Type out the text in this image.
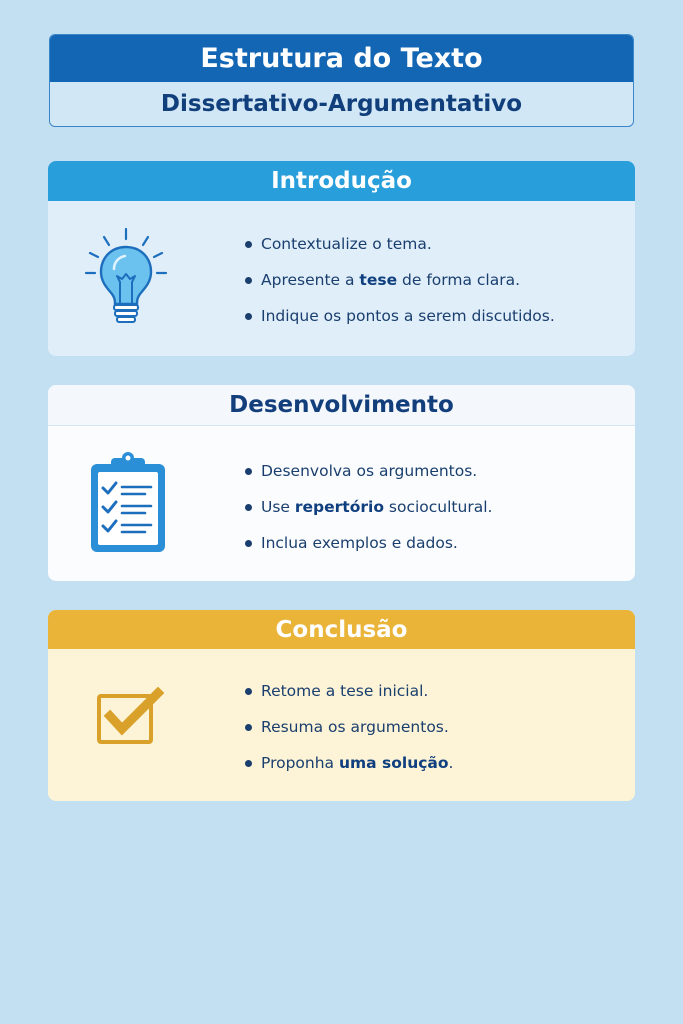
Estrutura do Texto
Dissertativo-Argumentativo
Introdução
Contextualize o tema.
Apresente a tese de forma clara.
Indique os pontos a serem discutidos.
Desenvolvimento
Desenvolva os argumentos.
Use repertório sociocultural.
Inclua exemplos e dados.
Conclusão
Retome a tese inicial.
Resuma os argumentos.
Proponha uma solução.
